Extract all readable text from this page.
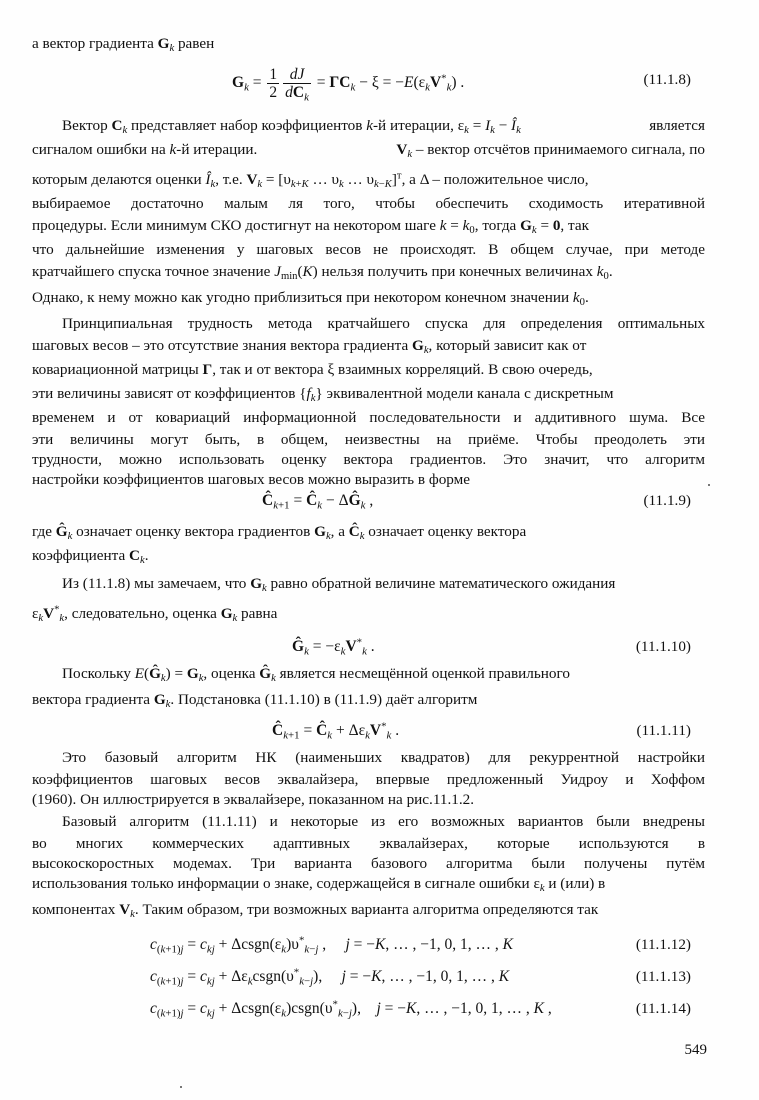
а вектор градиента $G_k$ равен
$G_k = \frac{1}{2} \frac{dJ}{dC_k} = \Gamma C_k - \xi = -E(\varepsilon_kV^*_k)$ .	(11.1.8)
Вектор $C_k$ представляет набор коэффициентов k-й итерации, $\varepsilon_k = I_k$ − $Î_k$	является
сигналом ошибки на k-й итерации.	$V_k$ – вектор отсчётов принимаемого сигнала, по
которым делаются оценки $Î_k$, т.е. $V_k = [\upsilon_{k+K}$ … $\upsilon_k$ … $\upsilon_{k-K}]^т$, а Δ – положительное число,
выбираемое достаточно малым ля того, чтобы обеспечить сходимость итеративной
процедуры. Если минимум СКО достигнут на некотором шаге $k = k_0$, тогда $G_k = 0$, так
что дальнейшие изменения у шаговых весов не происходят. В общем случае, при методе
кратчайшего спуска точное значение $J_{min}(K)$ нельзя получить при конечных величинах $k_0$.
Однако, к нему можно как угодно приблизиться при некотором конечном значении $k_0$.
Принципиальная трудность метода кратчайшего спуска для определения оптимальных
шаговых весов – это отсутствие знания вектора градиента $G_k$, который зависит как от
ковариационной матрицы Γ, так и от вектора ξ взаимных корреляций. В свою очередь,
эти величины зависят от коэффициентов $\{f_k\}$ эквивалентной модели канала с дискретным
временем и от ковариаций информационной последовательности и аддитивного шума. Все
эти величины могут быть, в общем, неизвестны на приёме. Чтобы преодолеть эти
трудности, можно использовать оценку вектора градиентов. Это значит, что алгоритм
настройки коэффициентов шаговых весов можно выразить в форме
$Ĉ_{k+1}$ = $Ĉ_k$ − $\Delta Ĝ_k$ ,	(11.1.9)
где $Ĝ_k$ означает оценку вектора градиентов $G_k$, а $Ĉ_k$ означает оценку вектора
коэффициента $C_k$.
Из (11.1.8) мы замечаем, что $G_k$ равно обратной величине математического ожидания
$\varepsilon_kV^*_k$, следовательно, оценка $G_k$ равна
$Ĝ_k = -\varepsilon_kV^*_k$ .	(11.1.10)
Поскольку $E(Ĝ_k) = G_k$, оценка $Ĝ_k$ является несмещённой оценкой правильного
вектора градиента $G_k$. Подстановка (11.1.10) в (11.1.9) даёт алгоритм
$Ĉ_{k+1}$ = $Ĉ_k + \Delta\varepsilon_kV^*_k$ .	(11.1.11)
Это базовый алгоритм НК (наименьших квадратов) для рекуррентной настройки
коэффициентов шаговых весов эквалайзера, впервые предложенный Уидроу и Хоффом
(1960). Он иллюстрируется в эквалайзере, показанном на рис.11.1.2.
Базовый алгоритм (11.1.11) и некоторые из его возможных вариантов были внедрены
во многих коммерческих адаптивных эквалайзерах, которые используются в
высокоскоростных модемах. Три варианта базового алгоритма были получены путём
использования только информации о знаке, содержащейся в сигнале ошибки $\varepsilon_k$ и (или) в
компонентах $V_k$. Таким образом, три возможных варианта алгоритма определяются так
$c_{(k+1)j} = c_{kj}$ + $\Delta csgn(\varepsilon_k)\upsilon^*_{k-j}$ ,     j = −K, … , −1, 0, 1, … , K	(11.1.12)
$c_{(k+1)j} = c_{kj}$ + $\Delta\varepsilon_kcsgn(\upsilon^*_{k-j})$,     j = −K, … , −1, 0, 1, … , K	(11.1.13)
$c_{(k+1)j} = c_{kj}$ + $\Delta csgn(\varepsilon_k)csgn(\upsilon^*_{k-j})$,    j = −K, … , −1, 0, 1, … , K ,	(11.1.14)
549
